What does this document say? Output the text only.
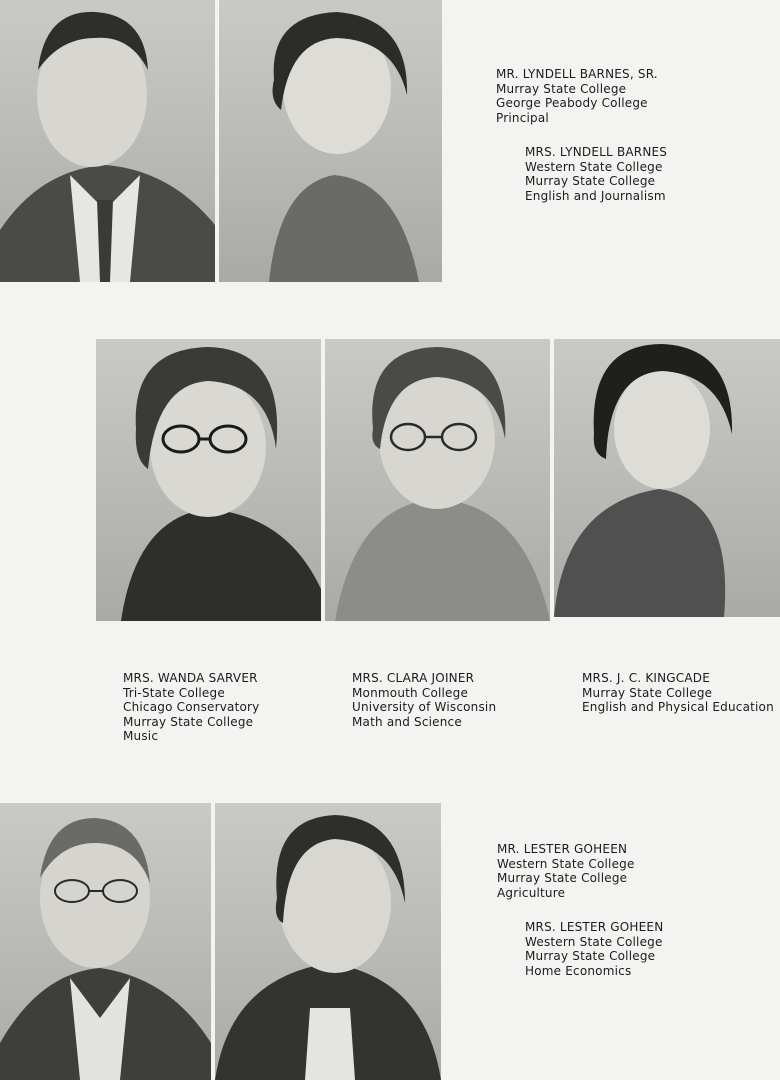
MR. LYNDELL BARNES, SR.
Murray State College
George Peabody College
Principal
MRS. LYNDELL BARNES
Western State College
Murray State College
English and Journalism
MRS. WANDA SARVER
Tri-State College
Chicago Conservatory
Murray State College
Music
MRS. CLARA JOINER
Monmouth College
University of Wisconsin
Math and Science
MRS. J. C. KINGCADE
Murray State College
English and Physical Education
MR. LESTER GOHEEN
Western State College
Murray State College
Agriculture
MRS. LESTER GOHEEN
Western State College
Murray State College
Home Economics
